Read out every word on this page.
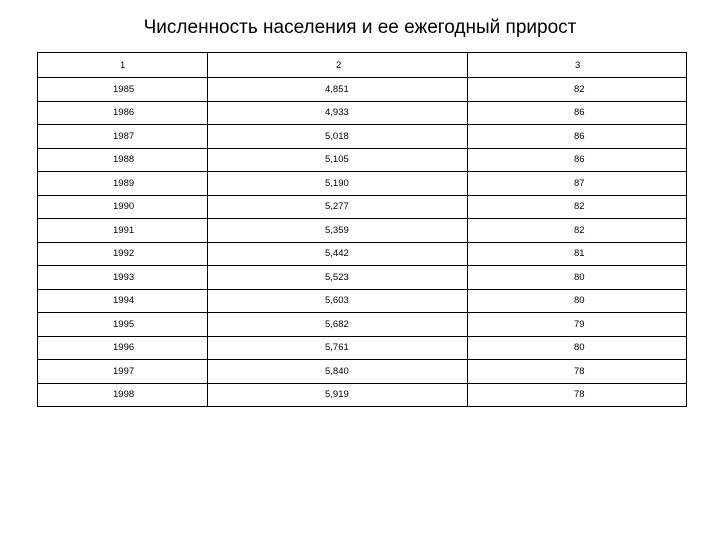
Численность населения и ее ежегодный прирост
1	2	3
1985	4,851	82
1986	4,933	86
1987	5,018	86
1988	5,105	86
1989	5,190	87
1990	5,277	82
1991	5,359	82
1992	5,442	81
1993	5,523	80
1994	5,603	80
1995	5,682	79
1996	5,761	80
1997	5,840	78
1998	5,919	78
